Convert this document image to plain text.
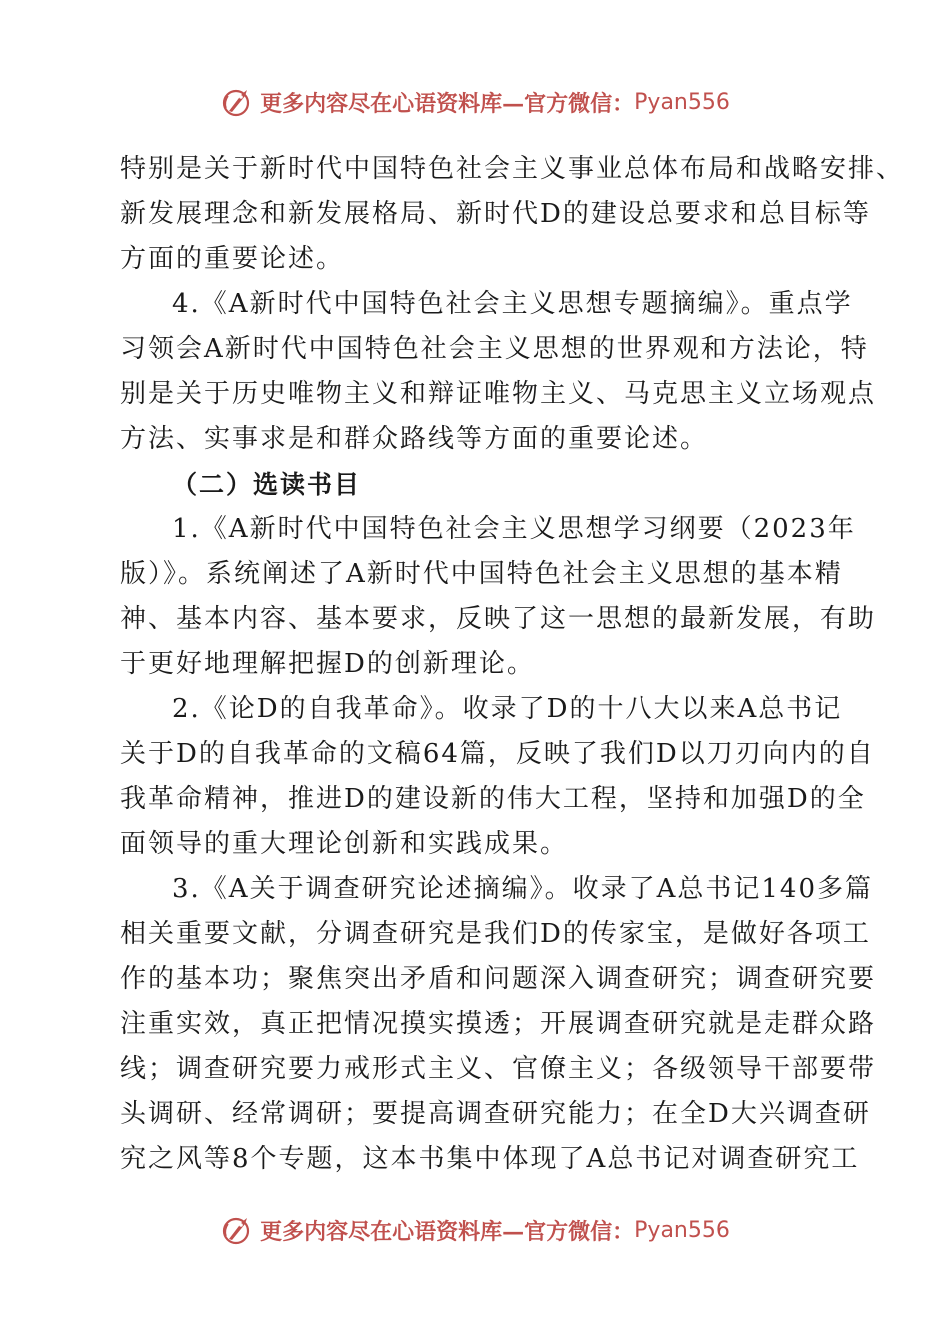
更多内容尽在心语资料库—官方微信： Pyan556

特别是关于新时代中国特色社会主义事业总体布局和战略安排、
新发展理念和新发展格局、新时代D的建设总要求和总目标等
方面的重要论述。

4.《A新时代中国特色社会主义思想专题摘编》。重点学
习领会A新时代中国特色社会主义思想的世界观和方法论，特
别是关于历史唯物主义和辩证唯物主义、马克思主义立场观点
方法、实事求是和群众路线等方面的重要论述。

（二）选读书目

1.《A新时代中国特色社会主义思想学习纲要（2023年
版）》。系统阐述了A新时代中国特色社会主义思想的基本精
神、基本内容、基本要求，反映了这一思想的最新发展，有助
于更好地理解把握D的创新理论。

2.《论D的自我革命》。收录了D的十八大以来A总书记
关于D的自我革命的文稿64篇，反映了我们D以刀刃向内的自
我革命精神，推进D的建设新的伟大工程，坚持和加强D的全
面领导的重大理论创新和实践成果。

3.《A关于调查研究论述摘编》。收录了A总书记140多篇
相关重要文献，分调查研究是我们D的传家宝，是做好各项工
作的基本功；聚焦突出矛盾和问题深入调查研究；调查研究要
注重实效，真正把情况摸实摸透；开展调查研究就是走群众路
线；调查研究要力戒形式主义、官僚主义；各级领导干部要带
头调研、经常调研；要提高调查研究能力；在全D大兴调查研
究之风等8个专题，这本书集中体现了A总书记对调查研究工

更多内容尽在心语资料库—官方微信： Pyan556
